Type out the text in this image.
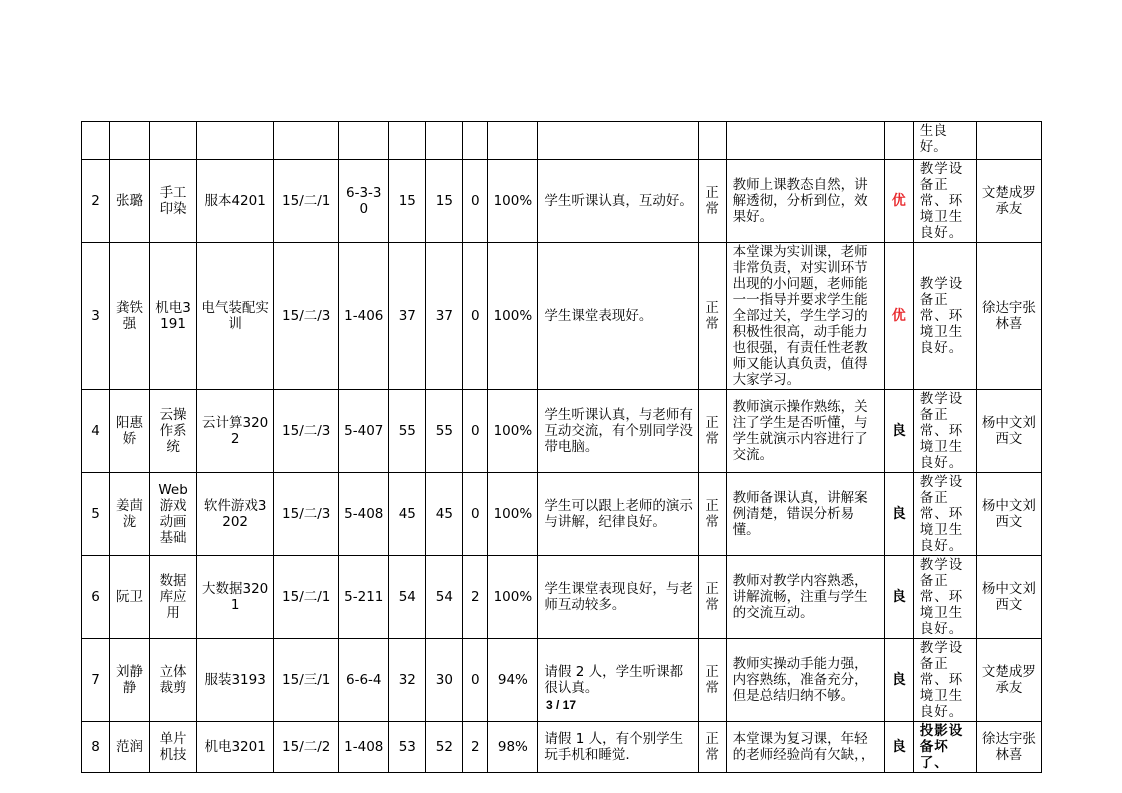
														生良好。	
2	张璐	手工印染	服本4201	15/二/1	6-3-30	15	15	0	100%	学生听课认真，互动好。	正常	教师上课教态自然，讲解透彻，分析到位，效果好。	优	教学设备正常、环境卫生良好。	文楚成罗承友
3	龚铁强	机电3191	电气装配实训	15/二/3	1-406	37	37	0	100%	学生课堂表现好。	正常	本堂课为实训课，老师非常负责，对实训环节出现的小问题，老师能一一指导并要求学生能全部过关，学生学习的积极性很高，动手能力也很强，有责任性老教师又能认真负责，值得大家学习。	优	教学设备正常、环境卫生良好。	徐达宇张林喜
4	阳惠娇	云操作系统	云计算3202	15/二/3	5-407	55	55	0	100%	学生听课认真，与老师有互动交流，有个别同学没带电脑。	正常	教师演示操作熟练，关注了学生是否听懂，与学生就演示内容进行了交流。	良	教学设备正常、环境卫生良好。	杨中文刘西文
5	姜茴泷	Web游戏动画基础	软件游戏3202	15/二/3	5-408	45	45	0	100%	学生可以跟上老师的演示与讲解，纪律良好。	正常	教师备课认真，讲解案例清楚，错误分析易懂。	良	教学设备正常、环境卫生良好。	杨中文刘西文
6	阮卫	数据库应用	大数据3201	15/二/1	5-211	54	54	2	100%	学生课堂表现良好，与老师互动较多。	正常	教师对教学内容熟悉，讲解流畅，注重与学生的交流互动。	良	教学设备正常、环境卫生良好。	杨中文刘西文
7	刘静静	立体裁剪	服装3193	15/三/1	6-6-4	32	30	0	94%	请假 2 人，学生听课都很认真。	正常	教师实操动手能力强，内容熟练，准备充分，但是总结归纳不够。	良	教学设备正常、环境卫生良好。	文楚成罗承友
8	范润	单片机技	机电3201	15/二/2	1-408	53	52	2	98%	请假 1 人，有个别学生玩手机和睡觉.	正常	本堂课为复习课，年轻的老师经验尚有欠缺，，	良	投影设备坏了、	徐达宇张林喜
3 / 17
